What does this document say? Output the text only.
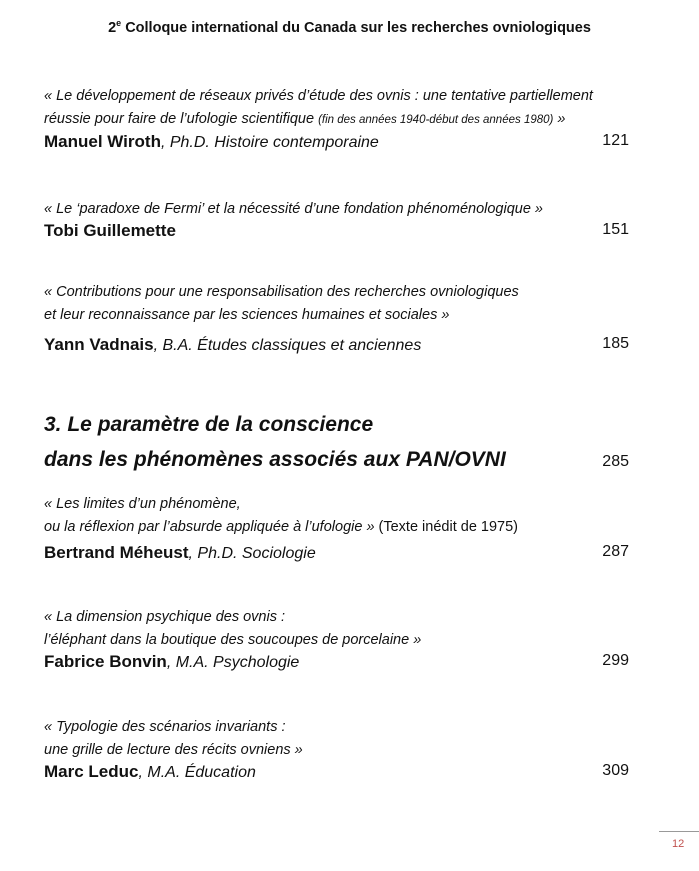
2e Colloque international du Canada sur les recherches ovniologiques
« Le développement de réseaux privés d’étude des ovnis : une tentative partiellement
réussie pour faire de l’ufologie scientifique (fin des années 1940-début des années 1980) »
Manuel Wiroth, Ph.D. Histoire contemporaine	121
« Le ‘paradoxe de Fermi’ et la nécessité d’une fondation phénoménologique »
Tobi Guillemette	151
« Contributions pour une responsabilisation des recherches ovniologiques
et leur reconnaissance par les sciences humaines et sociales »
Yann Vadnais, B.A. Études classiques et anciennes	185
3. Le paramètre de la conscience
dans les phénomènes associés aux PAN/OVNI	285
« Les limites d’un phénomène,
ou la réflexion par l’absurde appliquée à l’ufologie » (Texte inédit de 1975)
Bertrand Méheust, Ph.D. Sociologie	287
« La dimension psychique des ovnis :
l’éléphant dans la boutique des soucoupes de porcelaine »
Fabrice Bonvin, M.A. Psychologie	299
« Typologie des scénarios invariants :
une grille de lecture des récits ovniens »
Marc Leduc, M.A. Éducation	309
12
